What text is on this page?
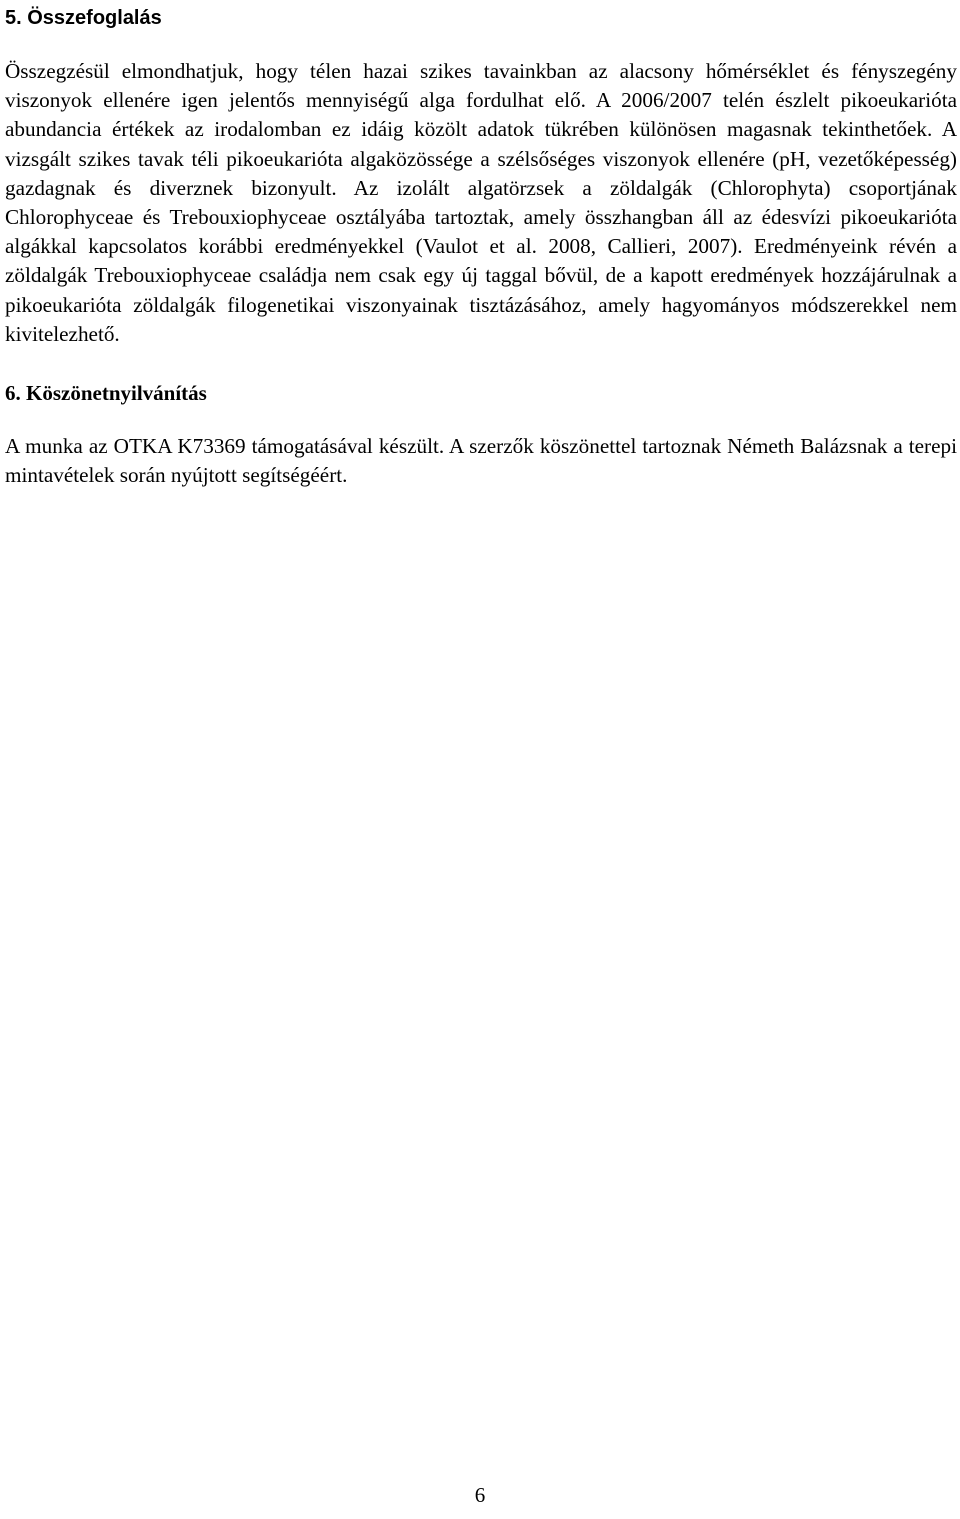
5. Összefoglalás

Összegzésül elmondhatjuk, hogy télen hazai szikes tavainkban az alacsony hőmérséklet és fényszegény viszonyok ellenére igen jelentős mennyiségű alga fordulhat elő. A 2006/2007 telén észlelt pikoeukarióta abundancia értékek az irodalomban ez idáig közölt adatok tükrében különösen magasnak tekinthetőek. A vizsgált szikes tavak téli pikoeukarióta algaközössége a szélsőséges viszonyok ellenére (pH, vezetőképesség) gazdagnak és diverznek bizonyult. Az izolált algatörzsek a zöldalgák (Chlorophyta) csoportjának Chlorophyceae és Trebouxiophyceae osztályába tartoztak, amely összhangban áll az édesvízi pikoeukarióta algákkal kapcsolatos korábbi eredményekkel (Vaulot et al. 2008, Callieri, 2007). Eredményeink révén a zöldalgák Trebouxiophyceae családja nem csak egy új taggal bővül, de a kapott eredmények hozzájárulnak a pikoeukarióta zöldalgák filogenetikai viszonyainak tisztázásához, amely hagyományos módszerekkel nem kivitelezhető.

6. Köszönetnyilvánítás

A munka az OTKA K73369 támogatásával készült. A szerzők köszönettel tartoznak Németh Balázsnak a terepi mintavételek során nyújtott segítségéért.

6
